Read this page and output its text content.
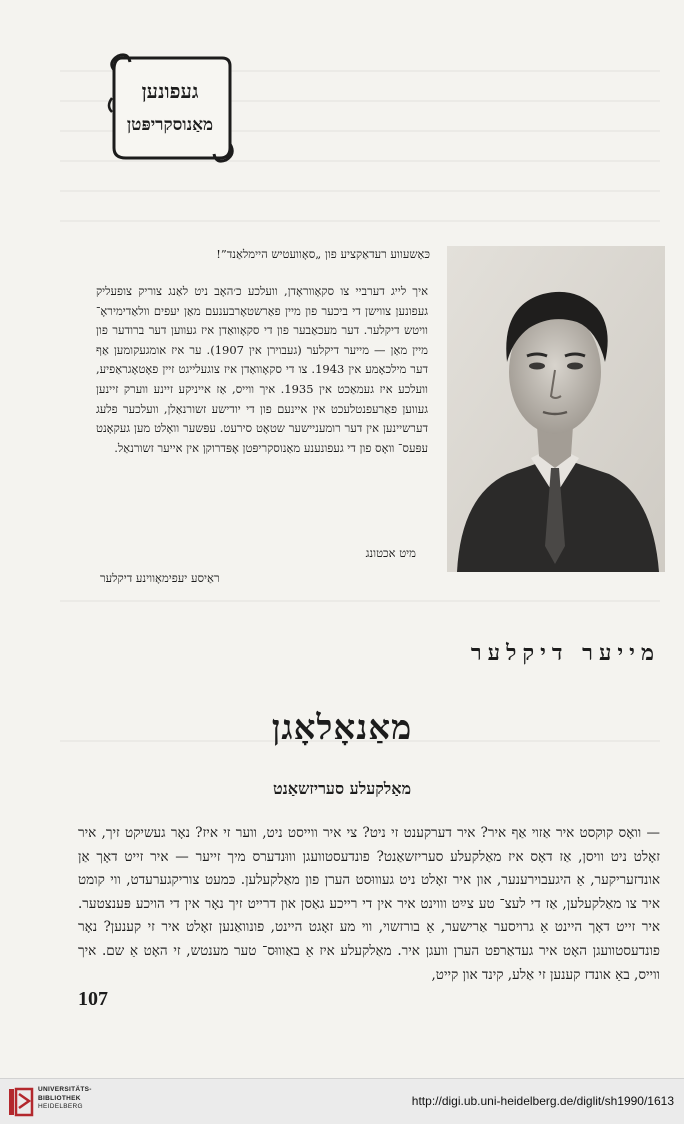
געפונען
מאַנוסקריפּטן
כּאַשעווע רעדאַקציע פון „סאָוועטיש היימלאַנד”!

איך לייג דערביי צו סקאָווראָדן, וועלכע כ׳האָב ניט לאַנג צוריק צופעליק געפונען צווישן די ביכער פון מיין פאַרשטאָרבענעם מאַן יעפים וולאַדימיראָ־ וויטש דיקלער. דער מעכאַבער פון די סקאָוואַדן איז געווען דער ברודער פון מיין מאַן — מייער דיקלער (געבוירן אין 1907). ער איז אומגעקומען אַף דער מילכאָמע אין 1943. צו די סקאָוואַדן איז צוגעלייגט זיין פאָטאָגראַפיע, וועלכע איז געמאַכט אין 1935. איך ווייס, אַז אייניקע זיינע ווערק זיינען געווען פאַרעפנטלעכט אין איינעם פון די יודישע זשורנאַלן, וועלכער פלעג דערשיינען אין דער רומעניישער שטאָט סירעט. עפּשער וואָלט מען געקאָנט עפּעס־ וואָס פון די געפונענע מאַנוסקריפּטן אָפּדרוקן אין אייער זשורנאַל.

מיט אכטונג
ראַיסע יעפימאָווינע דיקלער
מייער דיקלער
מאַנאָלאָגן
מאַלקעלע סעריזשאַנט

— וואָס קוקסט איר אַזוי אַף איר? איר דערקענט זי ניט? צי איר ווייסט ניט, ווער זי איז? נאָר געשיקט זיך, איר זאָלט ניט וויסן, אַז דאָס איז מאַלקעלע סעריזשאַנט? פונדעסטוועגן וווּנדערס מיך זייער — איר זייט דאָך אַן אונדזעריקער, אַ היגעבוירענער, און איר זאָלט ניט געוווּסט הערן פון מאַלקעלען. כּמעט צוריקגערעדט, ווי קומט איר צו מאַלקעלען, אַז די לעצ־ טע צײַט וווינט איר אין די רייכע גאַסן און דרייט זיך נאָר אין די הויכע פּענצטער. איר זייט דאָך היינט אַ גרויסער אַרישער, אַ בורזשוי, ווי מע זאָגט היינט, פונוואַנען זאָלט איר זי קענען? נאָר פונדעסטוועגן האָט איר געדאַרפט הערן וועגן איר. מאַלקעלע איז אַ באַוווּס־ טער מענטש, זי האָט אַ שם. איך ווייס, באַ אונדז קענען זי אַלע, קינד און קייט,

107
UNIVERSITÄTS-
BIBLIOTHEK
HEIDELBERG	http://digi.ub.uni-heidelberg.de/diglit/sh1990/1613
